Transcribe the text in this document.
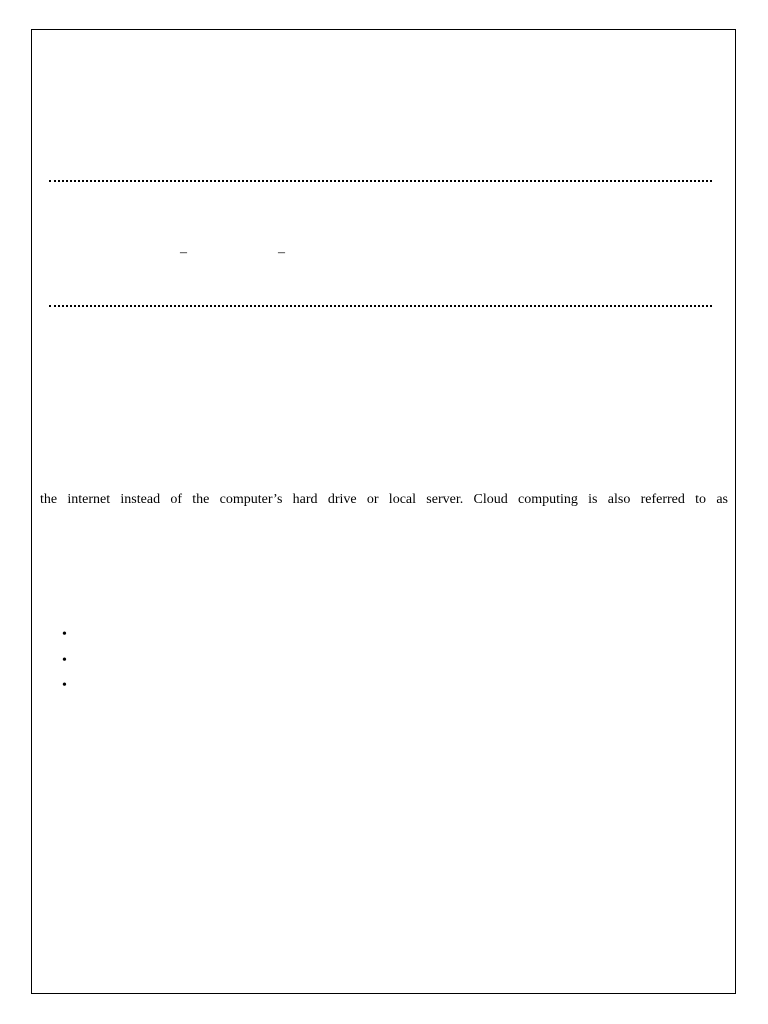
–	–
the internet instead of the computer’s hard drive or local server. Cloud computing is also referred to as
•
•
•
